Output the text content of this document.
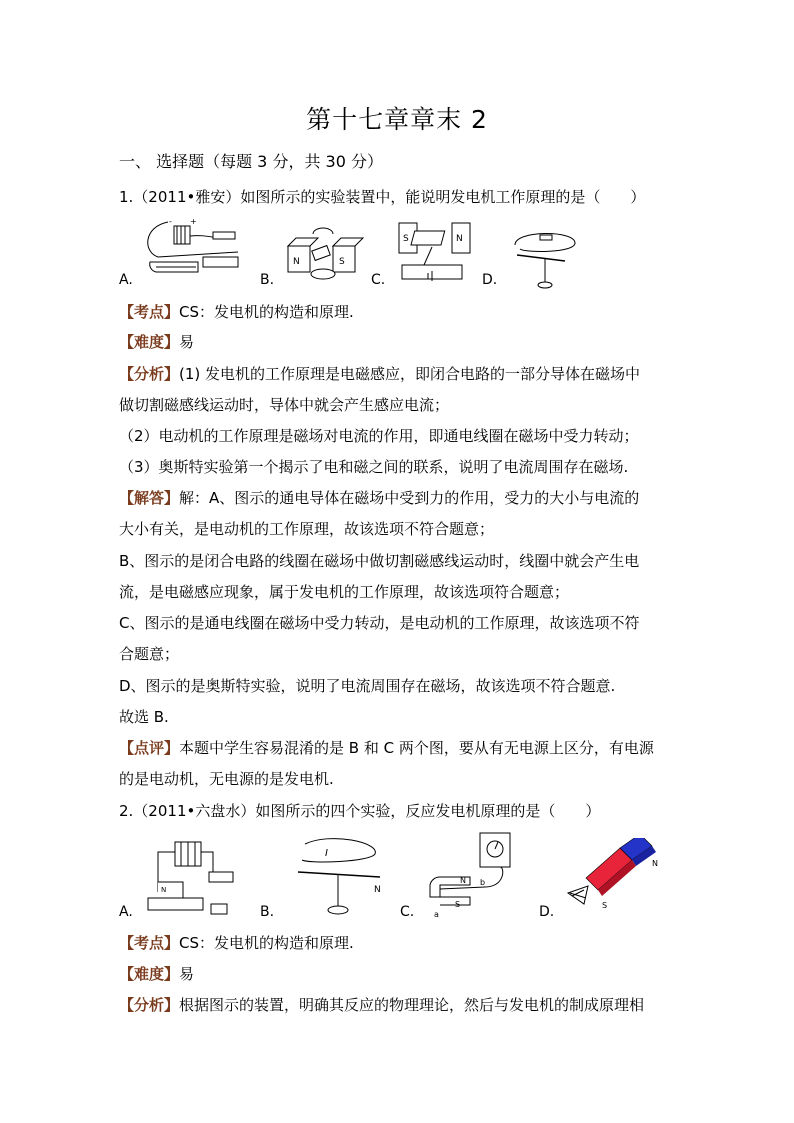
第十七章章末 2
一、 选择题（每题 3 分，共 30 分）
1.（2011•雅安）如图所示的实验装置中，能说明发电机工作原理的是（　　）
A.	B.	C.	D.
- +
N	S
S	N
【考点】CS：发电机的构造和原理.
【难度】易
【分析】(1) 发电机的工作原理是电磁感应，即闭合电路的一部分导体在磁场中
做切割磁感线运动时，导体中就会产生感应电流；
（2）电动机的工作原理是磁场对电流的作用，即通电线圈在磁场中受力转动；
（3）奥斯特实验第一个揭示了电和磁之间的联系，说明了电流周围存在磁场.
【解答】解：A、图示的通电导体在磁场中受到力的作用，受力的大小与电流的
大小有关，是电动机的工作原理，故该选项不符合题意；
B、图示的是闭合电路的线圈在磁场中做切割磁感线运动时，线圈中就会产生电
流，是电磁感应现象，属于发电机的工作原理，故该选项符合题意；
C、图示的是通电线圈在磁场中受力转动，是电动机的工作原理，故该选项不符
合题意；
D、图示的是奥斯特实验，说明了电流周围存在磁场，故该选项不符合题意.
故选 B.
【点评】本题中学生容易混淆的是 B 和 C 两个图，要从有无电源上区分，有电源
的是电动机，无电源的是发电机.
2.（2011•六盘水）如图所示的四个实验，反应发电机原理的是（　　）
A.	B.	C.	D.
N
I
N
N
S
a
b
N
S
【考点】CS：发电机的构造和原理.
【难度】易
【分析】根据图示的装置，明确其反应的物理理论，然后与发电机的制成原理相
